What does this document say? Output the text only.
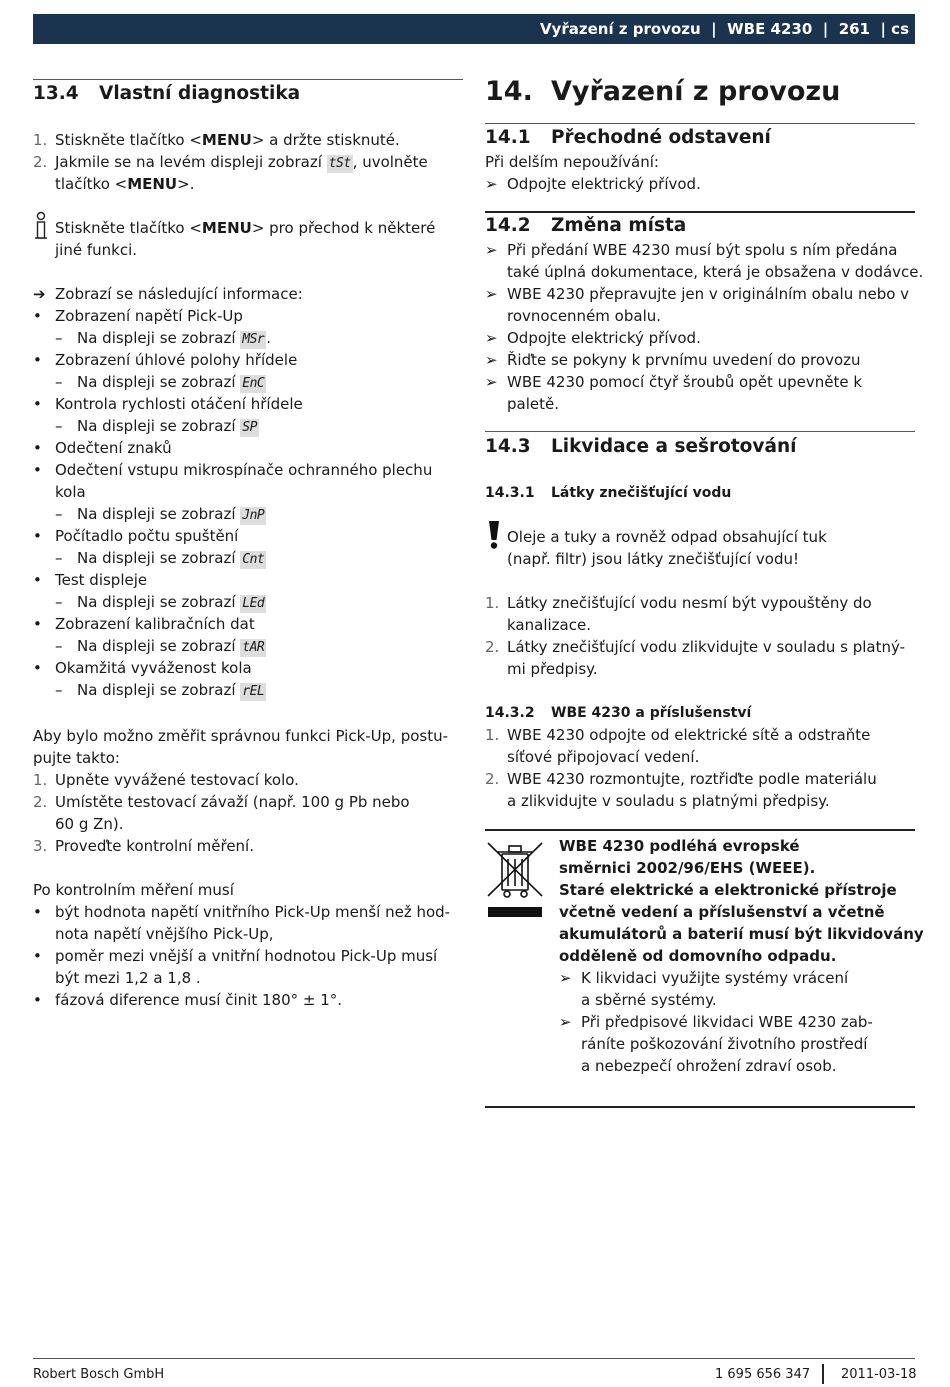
Vyřazení z provozu
|
WBE 4230
|
261
|
cs
13.4 Vlastní diagnostika
1. Stiskněte tlačítko <MENU> a držte stisknuté.
2. Jakmile se na levém displeji zobrazí tSt , uvolněte
tlačítko <MENU>.
Stiskněte tlačítko <MENU> pro přechod k některé
jiné funkci.
➔ Zobrazí se následující informace:
• Zobrazení napětí Pick-Up
– Na displeji se zobrazí MSr .
• Zobrazení úhlové polohy hřídele
– Na displeji se zobrazí EnC
• Kontrola rychlosti otáčení hřídele
– Na displeji se zobrazí SP
• Odečtení znaků
• Odečtení vstupu mikrospínače ochranného plechu
kola
– Na displeji se zobrazí JnP
• Počítadlo počtu spuštění
– Na displeji se zobrazí Cnt
• Test displeje
– Na displeji se zobrazí LEd
• Zobrazení kalibračních dat
– Na displeji se zobrazí tAR
• Okamžitá vyváženost kola
– Na displeji se zobrazí rEL
Aby bylo možno změřit správnou funkci Pick-Up, postu-
pujte takto:
1. Upněte vyvážené testovací kolo.
2. Umístěte testovací závaží (např. 100 g Pb nebo
60 g Zn).
3. Proveďte kontrolní měření.
Po kontrolním měření musí
• být hodnota napětí vnitřního Pick-Up menší než hod-
nota napětí vnějšího Pick-Up,
• poměr mezi vnější a vnitřní hodnotou Pick-Up musí
být mezi 1,2 a 1,8 .
• fázová diference musí činit 180° ± 1°.
14. Vyřazení z provozu
14.1 Přechodné odstavení
Při delším nepoužívání:
➢ Odpojte elektrický přívod.
14.2 Změna místa
➢ Při předání WBE 4230 musí být spolu s ním předána
také úplná dokumentace, která je obsažena v dodávce.
➢ WBE 4230 přepravujte jen v originálním obalu nebo v
rovnocenném obalu.
➢ Odpojte elektrický přívod.
➢ Řiďte se pokyny k prvnímu uvedení do provozu
➢ WBE 4230 pomocí čtyř šroubů opět upevněte k
paletě.
14.3 Likvidace a sešrotování
14.3.1 Látky znečišťující vodu
Oleje a tuky a rovněž odpad obsahující tuk
(např. filtr) jsou látky znečišťující vodu!
1. Látky znečišťující vodu nesmí být vypouštěny do
kanalizace.
2. Látky znečišťující vodu zlikvidujte v souladu s platný-
mi předpisy.
14.3.2 WBE 4230 a příslušenství
1. WBE 4230 odpojte od elektrické sítě a odstraňte
síťové připojovací vedení.
2. WBE 4230 rozmontujte, roztřiďte podle materiálu
a zlikvidujte v souladu s platnými předpisy.
WBE 4230 podléhá evropské
směrnici 2002/96/EHS (WEEE).
Staré elektrické a elektronické přístroje
včetně vedení a příslušenství a včetně
akumulátorů a baterií musí být likvidovány
odděleně od domovního odpadu.
➢ K likvidaci využijte systémy vrácení
a sběrné systémy.
➢ Při předpisové likvidaci WBE 4230 zab-
ráníte poškozování životního prostředí
a nebezpečí ohrožení zdraví osob.
Robert Bosch GmbH	1 695 656 347 2011-03-18
